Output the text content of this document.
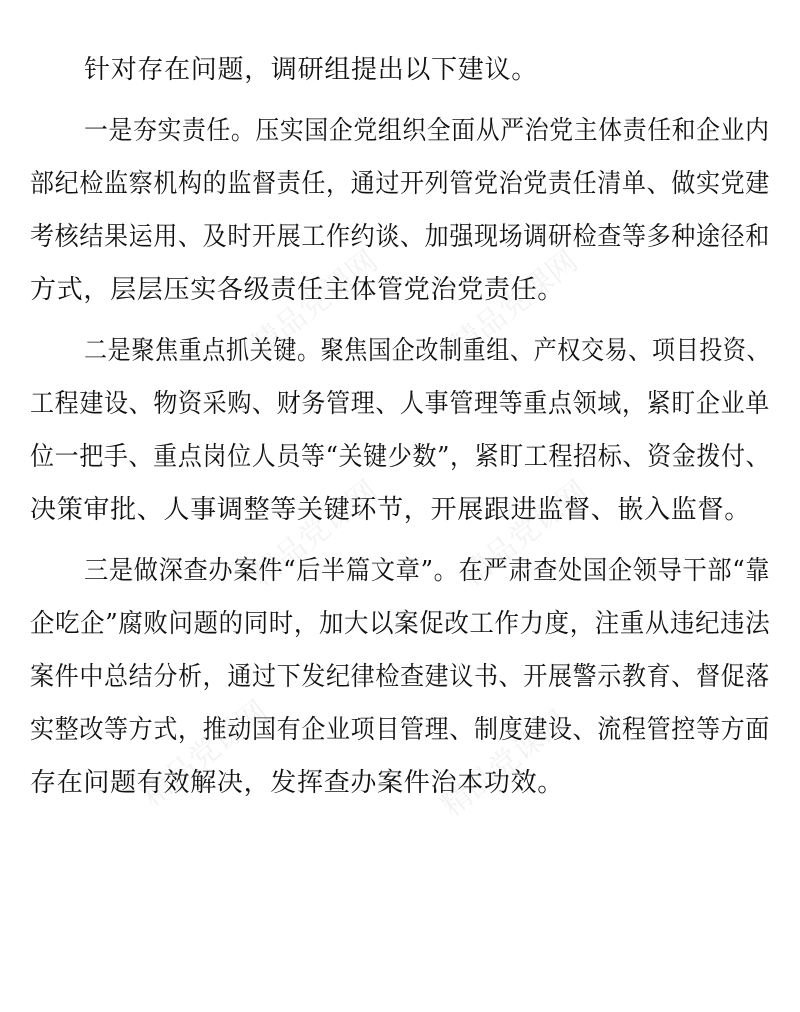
精品党课网 精品党课网
精品党课网 精品党课网
精品党课网	精品党课网
针对存在问题，调研组提出以下建议。
一是夯实责任。压实国企党组织全面从严治党主体责任和企业内
部纪检监察机构的监督责任，通过开列管党治党责任清单、做实党建
考核结果运用、及时开展工作约谈、加强现场调研检查等多种途径和
方式，层层压实各级责任主体管党治党责任。
二是聚焦重点抓关键。聚焦国企改制重组、产权交易、项目投资、
工程建设、物资采购、财务管理、人事管理等重点领域，紧盯企业单
位一把手、重点岗位人员等“关键少数”，紧盯工程招标、资金拨付、
决策审批、人事调整等关键环节，开展跟进监督、嵌入监督。
三是做深查办案件“后半篇文章”。在严肃查处国企领导干部“靠
企吃企”腐败问题的同时，加大以案促改工作力度，注重从违纪违法
案件中总结分析，通过下发纪律检查建议书、开展警示教育、督促落
实整改等方式，推动国有企业项目管理、制度建设、流程管控等方面
存在问题有效解决，发挥查办案件治本功效。
